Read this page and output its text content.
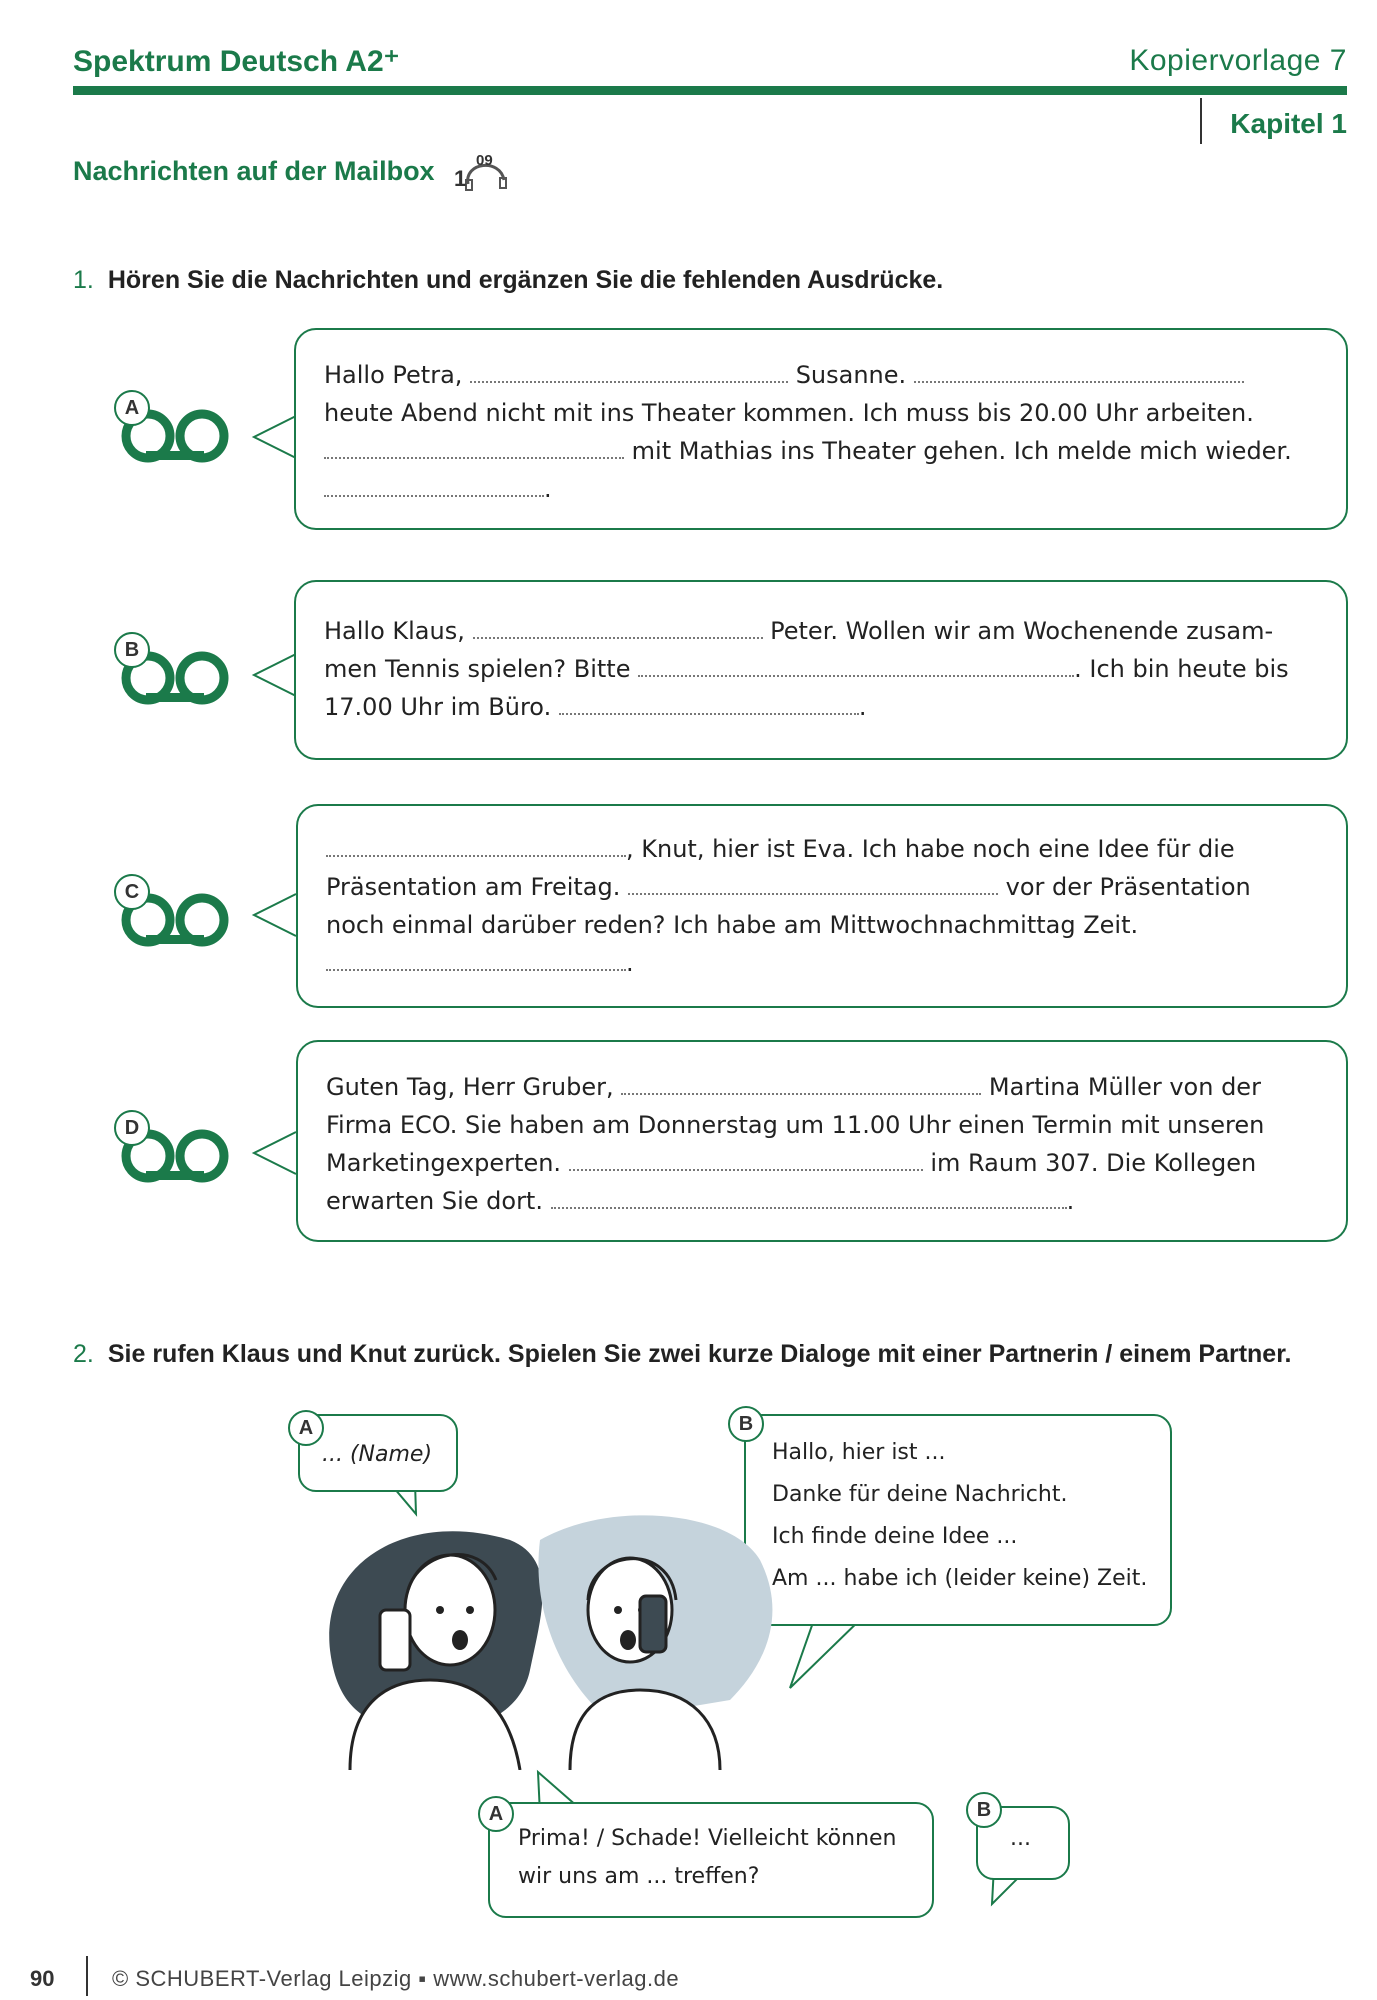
Spektrum Deutsch A2⁺	Kopiervorlage 7
Kapitel 1
Nachrichten auf der Mailbox 1
09
1. Hören Sie die Nachrichten und ergänzen Sie die fehlenden Ausdrücke.
A
Hallo Petra,	Susanne.
heute Abend nicht mit ins Theater kommen. Ich muss bis 20.00 Uhr arbeiten.
mit Mathias ins Theater gehen. Ich melde mich wieder.
.
B
Hallo Klaus,	Peter. Wollen wir am Wochenende zusam-
men Tennis spielen? Bitte	. Ich bin heute bis
17.00 Uhr im Büro.	.
C
, Knut, hier ist Eva. Ich habe noch eine Idee für die
Präsentation am Freitag.	vor der Präsentation
noch einmal darüber reden? Ich habe am Mittwochnachmittag Zeit.
.
D
Guten Tag, Herr Gruber,	Martina Müller von der
Firma ECO. Sie haben am Donnerstag um 11.00 Uhr einen Termin mit unseren
Marketingexperten.	im Raum 307. Die Kollegen
erwarten Sie dort.	.
2. Sie rufen Klaus und Knut zurück. Spielen Sie zwei kurze Dialoge mit einer Partnerin / einem Partner.
A
... (Name)
B
Hallo, hier ist ...
Danke für deine Nachricht.
Ich finde deine Idee ...
Am ... habe ich (leider keine) Zeit.
A
Prima! / Schade! Vielleicht können
wir uns am ... treffen?
B
...
90	© SCHUBERT-Verlag Leipzig ▪ www.schubert-verlag.de
